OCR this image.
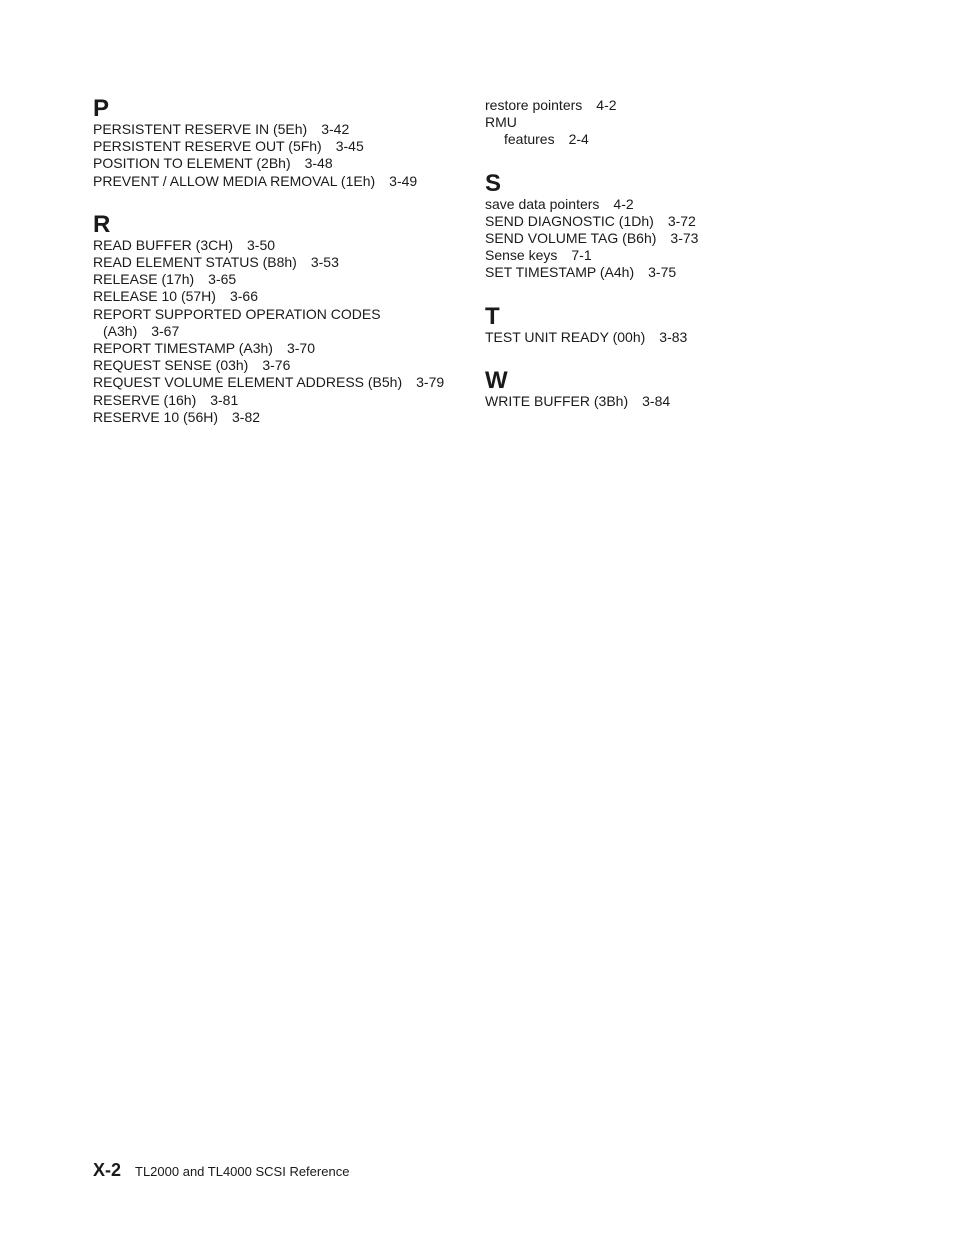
P
PERSISTENT RESERVE IN (5Eh) 3-42
PERSISTENT RESERVE OUT (5Fh) 3-45
POSITION TO ELEMENT (2Bh) 3-48
PREVENT / ALLOW MEDIA REMOVAL (1Eh) 3-49
R
READ BUFFER (3CH) 3-50
READ ELEMENT STATUS (B8h) 3-53
RELEASE (17h) 3-65
RELEASE 10 (57H) 3-66
REPORT SUPPORTED OPERATION CODES
(A3h) 3-67
REPORT TIMESTAMP (A3h) 3-70
REQUEST SENSE (03h) 3-76
REQUEST VOLUME ELEMENT ADDRESS (B5h) 3-79
RESERVE (16h) 3-81
RESERVE 10 (56H) 3-82
restore pointers 4-2
RMU
features 2-4
S
save data pointers 4-2
SEND DIAGNOSTIC (1Dh) 3-72
SEND VOLUME TAG (B6h) 3-73
Sense keys 7-1
SET TIMESTAMP (A4h) 3-75
T
TEST UNIT READY (00h) 3-83
W
WRITE BUFFER (3Bh) 3-84
X-2 TL2000 and TL4000 SCSI Reference
